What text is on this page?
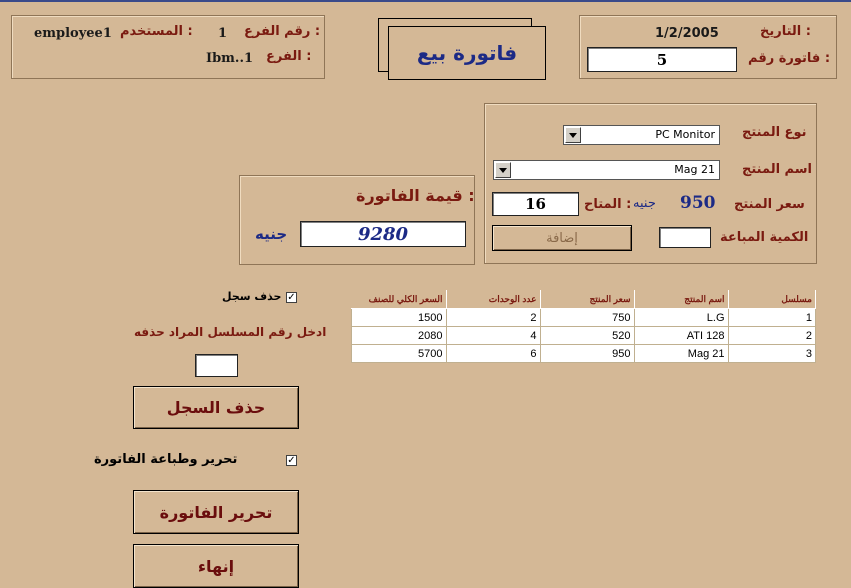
المستخدم :
employee1	رقم الفرع :
1
الفرع :
Ibm..1	فاتورة بيع
التاريخ :
1/2/2005
فاتورة رقم :
5
نوع المنتج
PC Monitor
اسم المنتج
Mag 21
سعر المنتج
950
جنيه
المتاح :
16
الكمية المباعة
إضافة
قيمة الفاتورة :
9280
جنيه
✓
حذف سجل
ادخل رقم المسلسل المراد حذفه
حذف السجل
✓
تحرير وطباعة الفاتورة
تحرير الفاتورة
إنهاء
السعر الكلي للصنف	عدد الوحدات	سعر المنتج	اسم المنتج	مسلسل
1500	2	750	L.G	1
2080	4	520	ATI 128	2
5700	6	950	Mag 21	3
